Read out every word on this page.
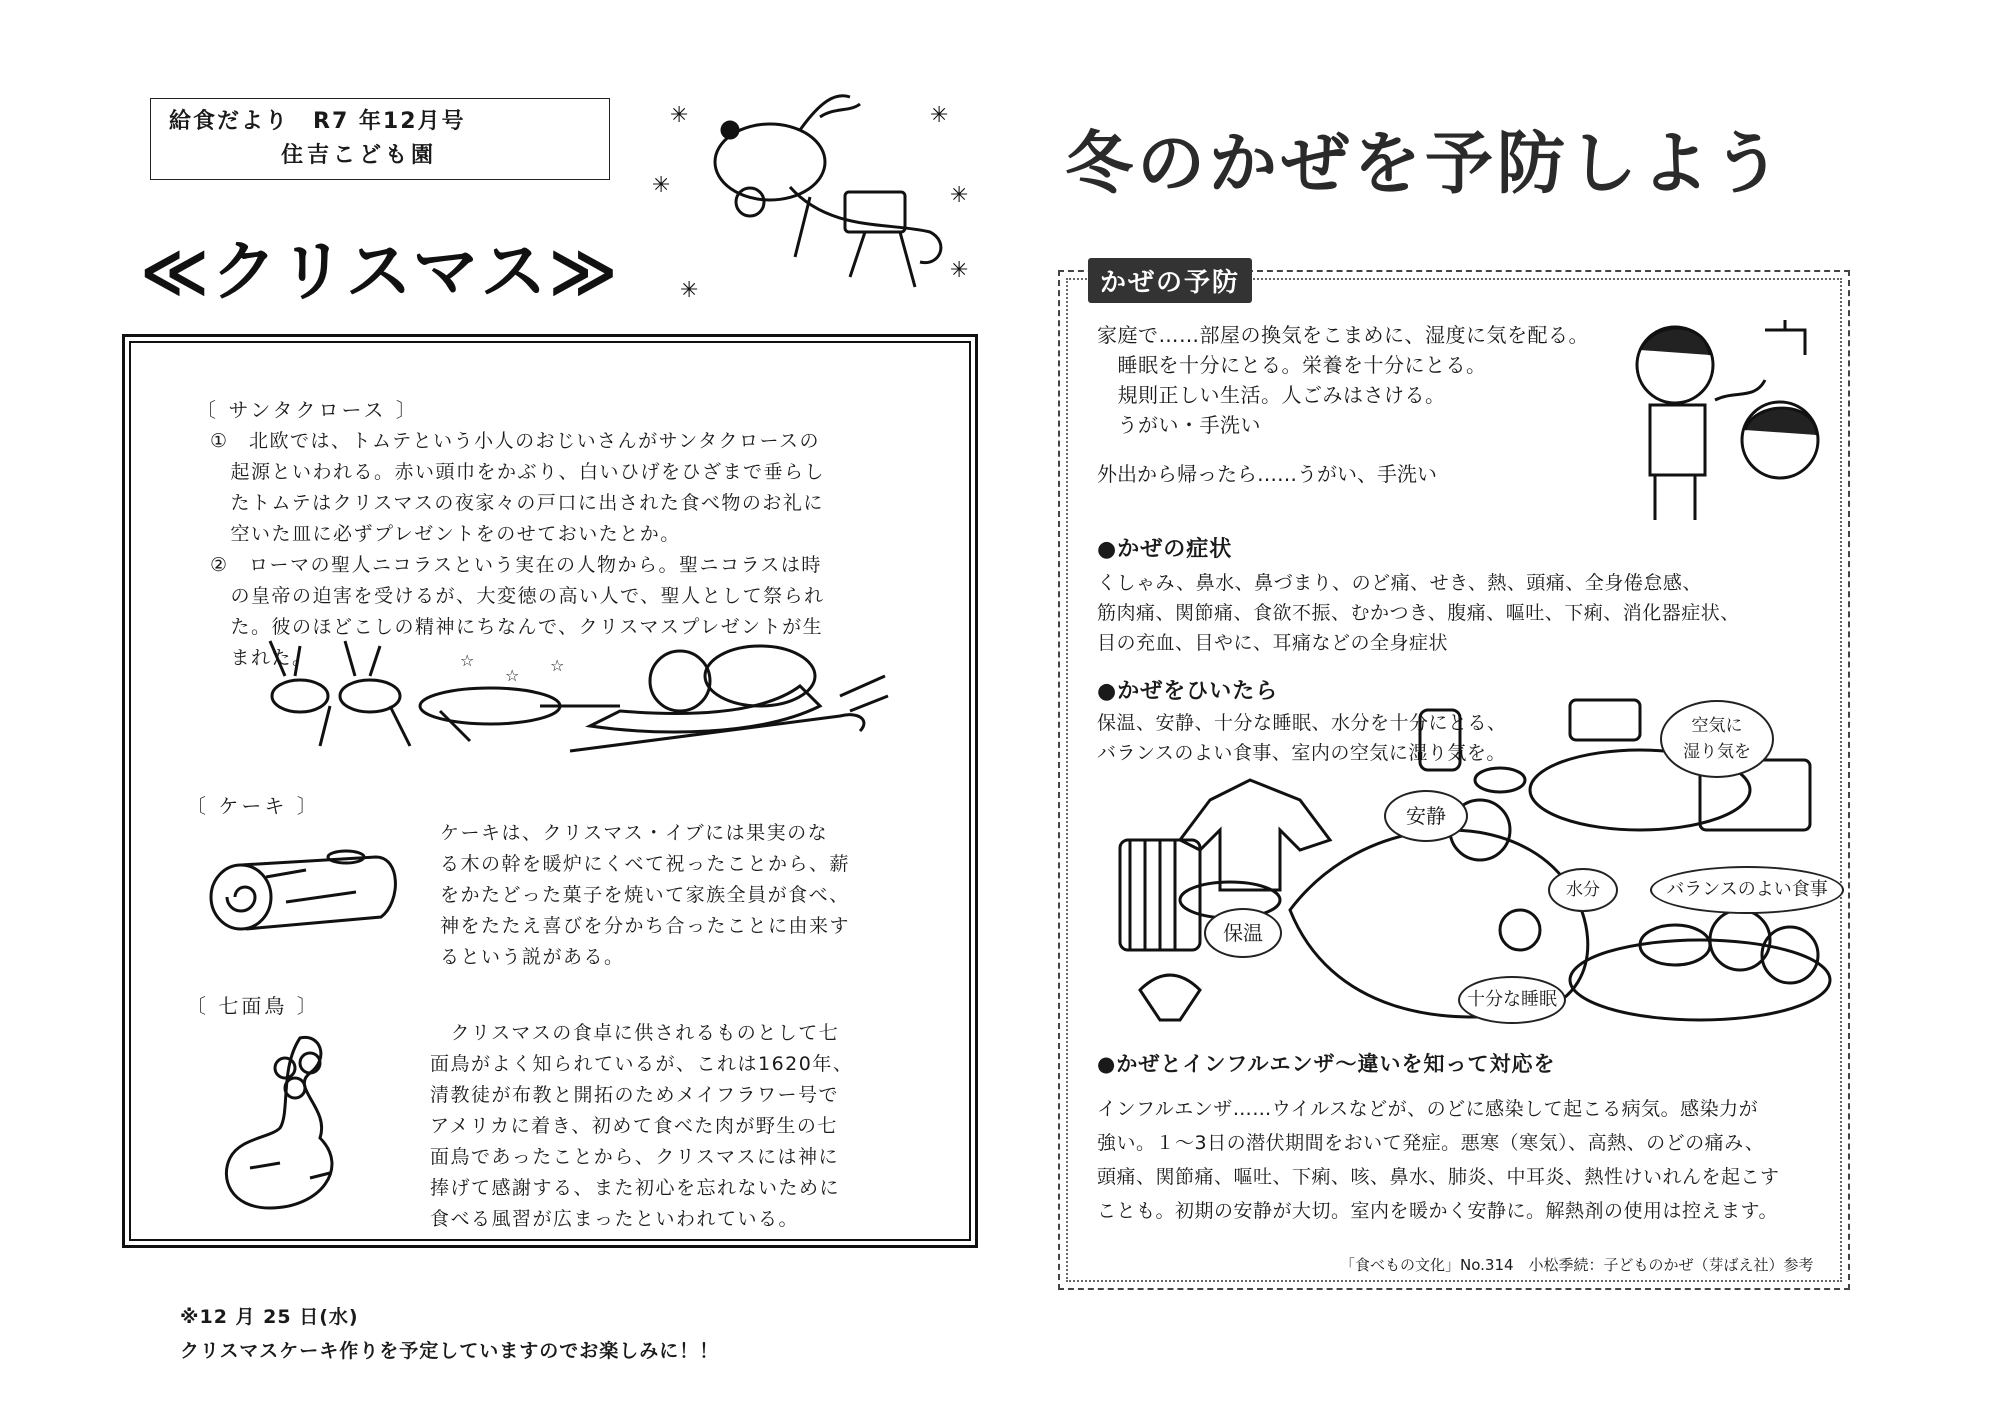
給食だより　R7 年12月号
住吉こども園
✳
✳
✳
✳
✳
✳
≪クリスマス≫
〔 サンタクロース 〕
①　北欧では、トムテという小人のおじいさんがサンタクロースの
　起源といわれる。赤い頭巾をかぶり、白いひげをひざまで垂らし
　たトムテはクリスマスの夜家々の戸口に出された食べ物のお礼に
　空いた皿に必ずプレゼントをのせておいたとか。
②　ローマの聖人ニコラスという実在の人物から。聖ニコラスは時
　の皇帝の迫害を受けるが、大変徳の高い人で、聖人として祭られ
　た。彼のほどこしの精神にちなんで、クリスマスプレゼントが生
　まれた。	☆
☆
☆
〔 ケーキ 〕
ケーキは、クリスマス・イブには果実のな
る木の幹を暖炉にくべて祝ったことから、薪
をかたどった菓子を焼いて家族全員が食べ、
神をたたえ喜びを分かち合ったことに由来す
るという説がある。
〔 七面鳥 〕
　クリスマスの食卓に供されるものとして七
面鳥がよく知られているが、これは1620年、
清教徒が布教と開拓のためメイフラワー号で
アメリカに着き、初めて食べた肉が野生の七
面鳥であったことから、クリスマスには神に
捧げて感謝する、また初心を忘れないために
食べる風習が広まったといわれている。
※12 月 25 日(水)
クリスマスケーキ作りを予定していますのでお楽しみに！！
冬のかぜを予防しよう
かぜの予防
家庭で……部屋の換気をこまめに、湿度に気を配る。
　睡眠を十分にとる。栄養を十分にとる。
　規則正しい生活。人ごみはさける。
　うがい・手洗い
外出から帰ったら……うがい、手洗い
●かぜの症状
くしゃみ、鼻水、鼻づまり、のど痛、せき、熱、頭痛、全身倦怠感、
筋肉痛、関節痛、食欲不振、むかつき、腹痛、嘔吐、下痢、消化器症状、
目の充血、目やに、耳痛などの全身症状
●かぜをひいたら
保温、安静、十分な睡眠、水分を十分にとる、
バランスのよい食事、室内の空気に湿り気を。
安静
空気に
湿り気を
水分	バランスのよい食事
保温
十分な睡眠
●かぜとインフルエンザ～違いを知って対応を
インフルエンザ……ウイルスなどが、のどに感染して起こる病気。感染力が
強い。１～3日の潜伏期間をおいて発症。悪寒（寒気）、高熱、のどの痛み、
頭痛、関節痛、嘔吐、下痢、咳、鼻水、肺炎、中耳炎、熱性けいれんを起こす
ことも。初期の安静が大切。室内を暖かく安静に。解熱剤の使用は控えます。
「食べもの文化」No.314　小松季続：子どものかぜ（芽ばえ社）参考
